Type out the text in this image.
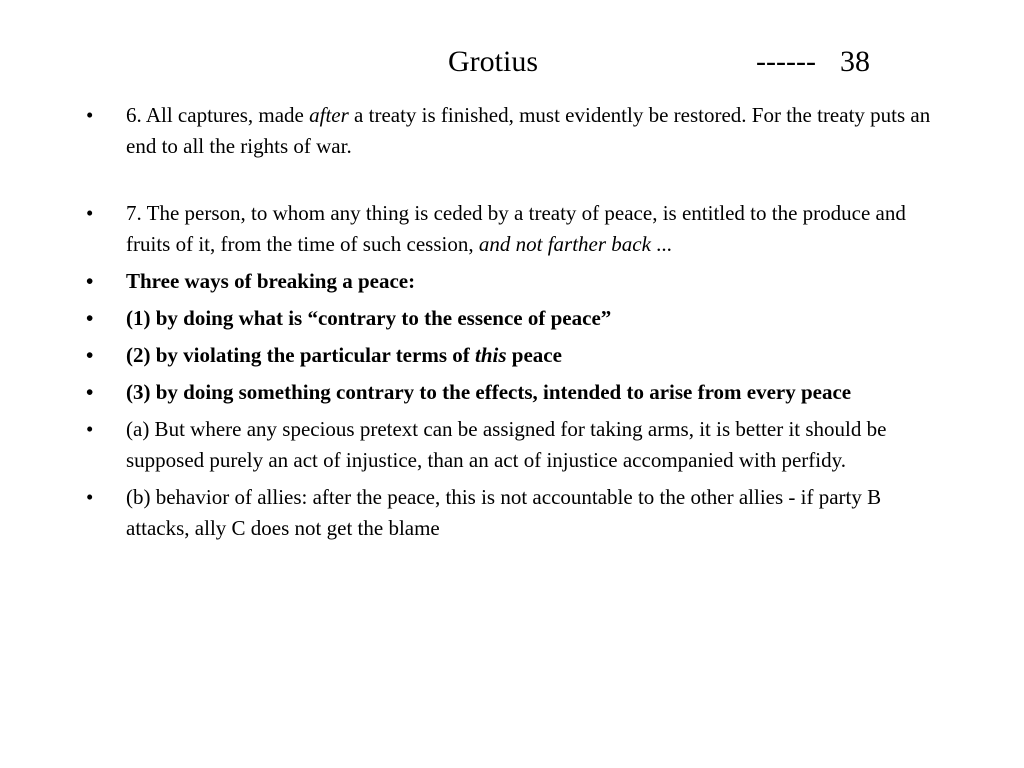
Grotius	------ 38
• 6. All captures, made after a treaty is finished, must evidently be restored. For the treaty puts an end to all the rights of war.
• 7. The person, to whom any thing is ceded by a treaty of peace, is entitled to the produce and fruits of it, from the time of such cession, and not farther back ...
• Three ways of breaking a peace:
• (1) by doing what is “contrary to the essence of peace”
• (2) by violating the particular terms of this peace
• (3) by doing something contrary to the effects, intended to arise from every peace
• (a) But where any specious pretext can be assigned for taking arms, it is better it should be supposed purely an act of injustice, than an act of injustice accompanied with perfidy.
• (b) behavior of allies: after the peace, this is not accountable to the other allies - if party B attacks, ally C does not get the blame
